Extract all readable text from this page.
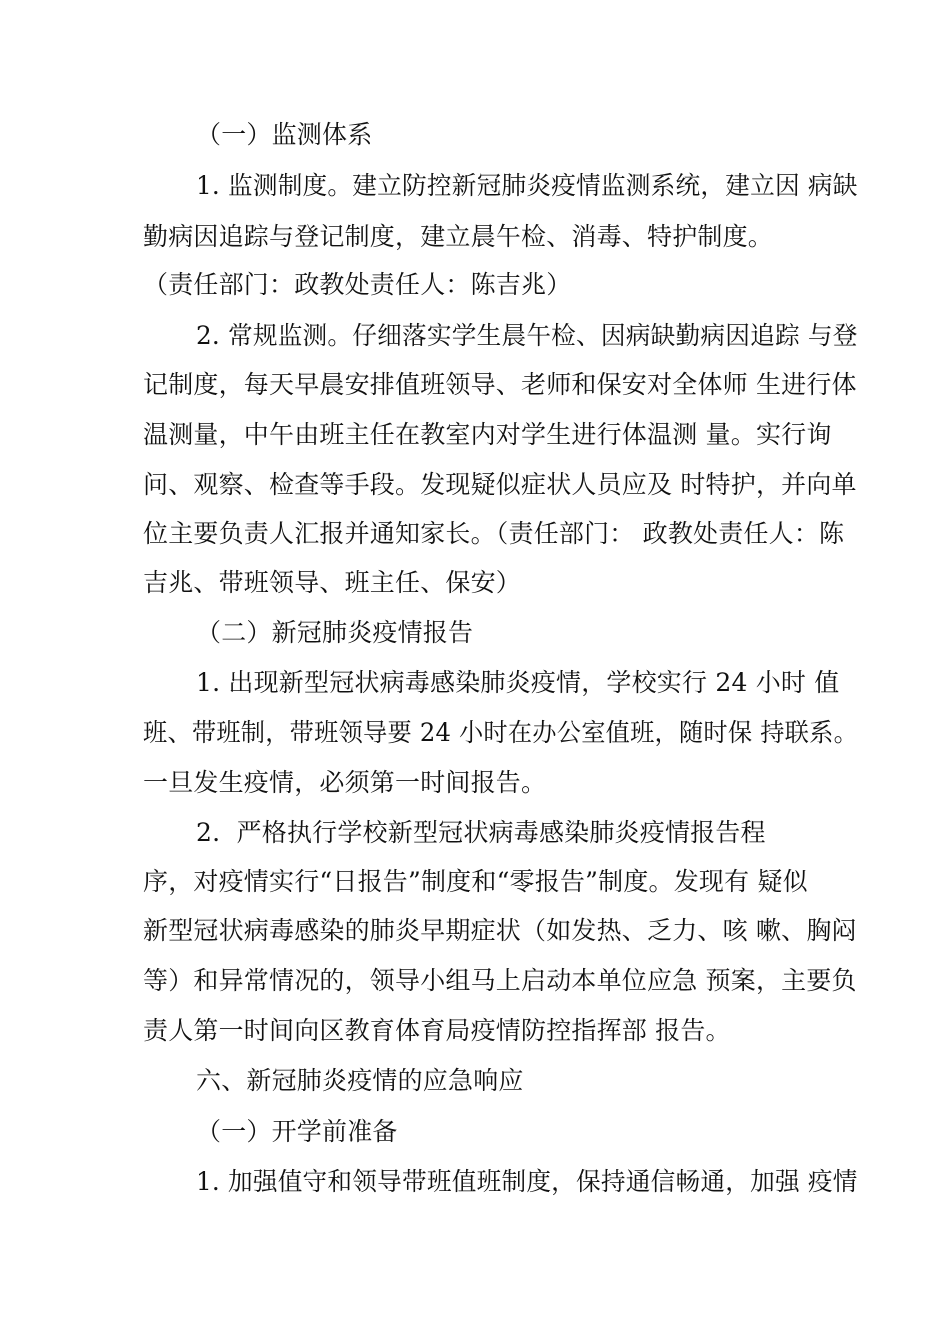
（一）监测体系
1. 监测制度。建立防控新冠肺炎疫情监测系统，建立因 病缺
勤病因追踪与登记制度，建立晨午检、消毒、特护制度。
（责任部门：政教处责任人：陈吉兆）
2. 常规监测。仔细落实学生晨午检、因病缺勤病因追踪 与登
记制度，每天早晨安排值班领导、老师和保安对全体师 生进行体
温测量，中午由班主任在教室内对学生进行体温测 量。实行询
问、观察、检查等手段。发现疑似症状人员应及 时特护，并向单
位主要负责人汇报并通知家长。（责任部门： 政教处责任人：陈
吉兆、带班领导、班主任、保安）
（二）新冠肺炎疫情报告
1. 出现新型冠状病毒感染肺炎疫情，学校实行 24 小时 值
班、带班制，带班领导要 24 小时在办公室值班，随时保 持联系。
一旦发生疫情，必须第一时间报告。
2.  严格执行学校新型冠状病毒感染肺炎疫情报告程
序，对疫情实行“日报告”制度和“零报告”制度。发现有 疑似
新型冠状病毒感染的肺炎早期症状（如发热、乏力、咳 嗽、胸闷
等）和异常情况的，领导小组马上启动本单位应急 预案，主要负
责人第一时间向区教育体育局疫情防控指挥部 报告。
六、新冠肺炎疫情的应急响应
（一）开学前准备
1. 加强值守和领导带班值班制度，保持通信畅通，加强 疫情
